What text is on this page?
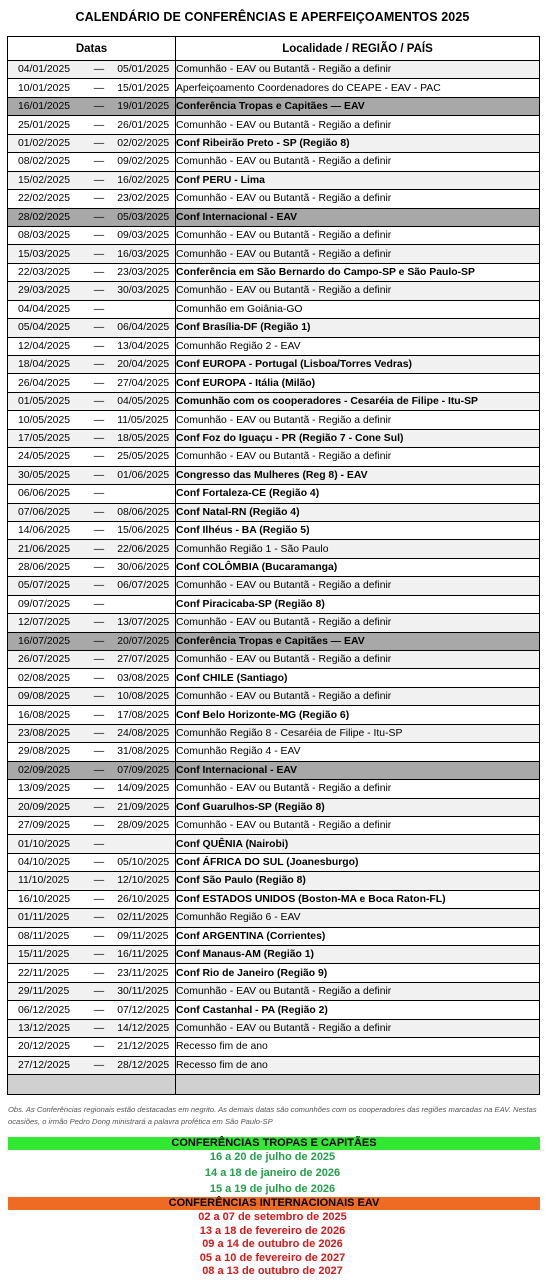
CALENDÁRIO DE CONFERÊNCIAS E APERFEIÇOAMENTOS 2025
Datas	Localidade / REGIÃO / PAÍS

04/01/2025 — 05/01/2025	Comunhão - EAV ou Butantã - Região a definir

10/01/2025 — 15/01/2025	Aperfeiçoamento Coordenadores do CEAPE - EAV - PAC

16/01/2025 — 19/01/2025	Conferência Tropas e Capitães — EAV

25/01/2025 — 26/01/2025	Comunhão - EAV ou Butantã - Região a definir

01/02/2025 — 02/02/2025	Conf Ribeirão Preto - SP (Região 8)

08/02/2025 — 09/02/2025	Comunhão - EAV ou Butantã - Região a definir

15/02/2025 — 16/02/2025	Conf PERU - Lima

22/02/2025 — 23/02/2025	Comunhão - EAV ou Butantã - Região a definir

28/02/2025 — 05/03/2025	Conf Internacional - EAV

08/03/2025 — 09/03/2025	Comunhão - EAV ou Butantã - Região a definir

15/03/2025 — 16/03/2025	Comunhão - EAV ou Butantã - Região a definir

22/03/2025 — 23/03/2025	Conferência em São Bernardo do Campo-SP e São Paulo-SP

29/03/2025 — 30/03/2025	Comunhão - EAV ou Butantã - Região a definir

04/04/2025 —	Comunhão em Goiânia-GO

05/04/2025 — 06/04/2025	Conf Brasília-DF (Região 1)

12/04/2025 — 13/04/2025	Comunhão Região 2 - EAV

18/04/2025 — 20/04/2025	Conf EUROPA - Portugal (Lisboa/Torres Vedras)

26/04/2025 — 27/04/2025	Conf EUROPA - Itália (Milão)

01/05/2025 — 04/05/2025	Comunhão com os cooperadores - Cesaréia de Filipe - Itu-SP

10/05/2025 — 11/05/2025	Comunhão - EAV ou Butantã - Região a definir

17/05/2025 — 18/05/2025	Conf Foz do Iguaçu - PR (Região 7 - Cone Sul)

24/05/2025 — 25/05/2025	Comunhão - EAV ou Butantã - Região a definir

30/05/2025 — 01/06/2025	Congresso das Mulheres (Reg 8) - EAV

06/06/2025 —	Conf Fortaleza-CE (Região 4)

07/06/2025 — 08/06/2025	Conf Natal-RN (Região 4)

14/06/2025 — 15/06/2025	Conf Ilhéus - BA (Região 5)

21/06/2025 — 22/06/2025	Comunhão Região 1 - São Paulo

28/06/2025 — 30/06/2025	Conf COLÔMBIA (Bucaramanga)

05/07/2025 — 06/07/2025	Comunhão - EAV ou Butantã - Região a definir

09/07/2025 —	Conf Piracicaba-SP (Região 8)

12/07/2025 — 13/07/2025	Comunhão - EAV ou Butantã - Região a definir

16/07/2025 — 20/07/2025	Conferência Tropas e Capitães — EAV

26/07/2025 — 27/07/2025	Comunhão - EAV ou Butantã - Região a definir

02/08/2025 — 03/08/2025	Conf CHILE (Santiago)

09/08/2025 — 10/08/2025	Comunhão - EAV ou Butantã - Região a definir

16/08/2025 — 17/08/2025	Conf Belo Horizonte-MG (Região 6)

23/08/2025 — 24/08/2025	Comunhão Região 8 - Cesaréia de Filipe - Itu-SP

29/08/2025 — 31/08/2025	Comunhão Região 4 - EAV

02/09/2025 — 07/09/2025	Conf Internacional - EAV

13/09/2025 — 14/09/2025	Comunhão - EAV ou Butantã - Região a definir

20/09/2025 — 21/09/2025	Conf Guarulhos-SP (Região 8)

27/09/2025 — 28/09/2025	Comunhão - EAV ou Butantã - Região a definir

01/10/2025 —	Conf QUÊNIA (Nairobi)

04/10/2025 — 05/10/2025	Conf ÁFRICA DO SUL (Joanesburgo)

11/10/2025 — 12/10/2025	Conf São Paulo (Região 8)

16/10/2025 — 26/10/2025	Conf ESTADOS UNIDOS (Boston-MA e Boca Raton-FL)

01/11/2025 — 02/11/2025	Comunhão Região 6 - EAV

08/11/2025 — 09/11/2025	Conf ARGENTINA (Corrientes)

15/11/2025 — 16/11/2025	Conf Manaus-AM (Região 1)

22/11/2025 — 23/11/2025	Conf Rio de Janeiro (Região 9)

29/11/2025 — 30/11/2025	Comunhão - EAV ou Butantã - Região a definir

06/12/2025 — 07/12/2025	Conf Castanhal - PA (Região 2)

13/12/2025 — 14/12/2025	Comunhão - EAV ou Butantã - Região a definir

20/12/2025 — 21/12/2025	Recesso fim de ano

27/12/2025 — 28/12/2025	Recesso fim de ano

Obs. As Conferências regionais estão destacadas em negrito. As demais datas são comunhões com os cooperadores das regiões marcadas na EAV. Nestas ocasiões, o irmão Pedro Dong ministrará a palavra profética em São Paulo-SP
CONFERÊNCIAS TROPAS E CAPITÃES
16 a 20 de julho de 2025
14 a 18 de janeiro de 2026
15 a 19 de julho de 2026
CONFERÊNCIAS INTERNACIONAIS EAV
02 a 07 de setembro de 2025
13 a 18 de fevereiro de 2026
09 a 14 de outubro de 2026
05 a 10 de fevereiro de 2027
08 a 13 de outubro de 2027
